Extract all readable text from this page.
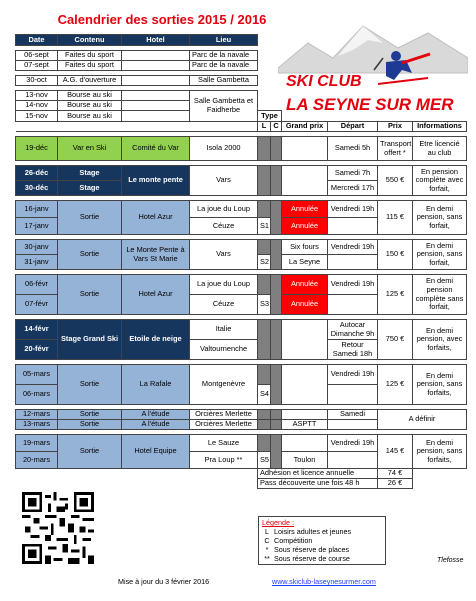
Calendrier des sorties 2015 / 2016
SKI CLUB
LA SEYNE SUR MER
Date	Contenu	Hotel	Lieu						

06-sept	Faites du sport		Parc de la navale						
07-sept	Faites du sport		Parc de la navale						

30-oct	A.G. d'ouverture		Salle Gambetta						

13-nov	Bourse au ski		Salle Gambetta et Faidherbe						
14-nov	Bourse au ski								
15-nov	Bourse au ski			Type					
				L	C	Grand prix	Départ	Prix	Informations

19-déc	Var en Ski	Comité du Var	Isola 2000				Samedi 5h	Transport offert *	Etre licencié au club

26-déc	Stage	Le monte pente	Vars				Samedi 7h	550 €	En pension complète avec forfait,
30-déc	Stage						Mercredi 17h		

16-janv	Sortie	Hotel Azur	La joue du Loup			Annulée	Vendredi 19h	115 €	En demi pension, sans forfait,
17-janv			Céuze	S1		Annulée			

30-janv	Sortie	Le Monte Pente à Vars St Marie	Vars			Six fours	Vendredi 19h	150 €	En demi pension, sans forfait,
31-janv				S2		La Seyne			

06-févr	Sortie	Hotel Azur	La joue du Loup			Annulée	Vendredi 19h	125 €	En demi pension complète sans forfait,
07-févr			Céuze	S3		Annulée			

14-févr	Stage Grand Ski	Etoile de neige	Italie				Autocar Dimanche 9h	750 €	En demi pension, avec forfaits,
20-févr			Valtournenche				Retour Samedi 18h		

05-mars	Sortie	La Rafale	Montgenèvre				Vendredi 19h	125 €	En demi pension, sans forfaits,
06-mars				S4					

12-mars	Sortie	A l'étude	Orcières Merlette				Samedi	A définir	
13-mars	Sortie	A l'étude	Orcières Merlette			ASPTT			

19-mars	Sortie	Hotel Equipe	Le Sauze				Vendredi 19h	145 €	En demi pension, sans forfaits,
20-mars			Pra Loup **	S5		Toulon			
				Adhésion et licence annuelle				74 €	
				Pass découverte une fois 48 h				26 €	
Légende :
L Loisirs adultes et jeunes
C Compétition
* Sous réserve de places
** Sous réserve de course	Tlefosse
Mise à jour du 3 février 2016	www.skiclub-laseynesurmer.com
